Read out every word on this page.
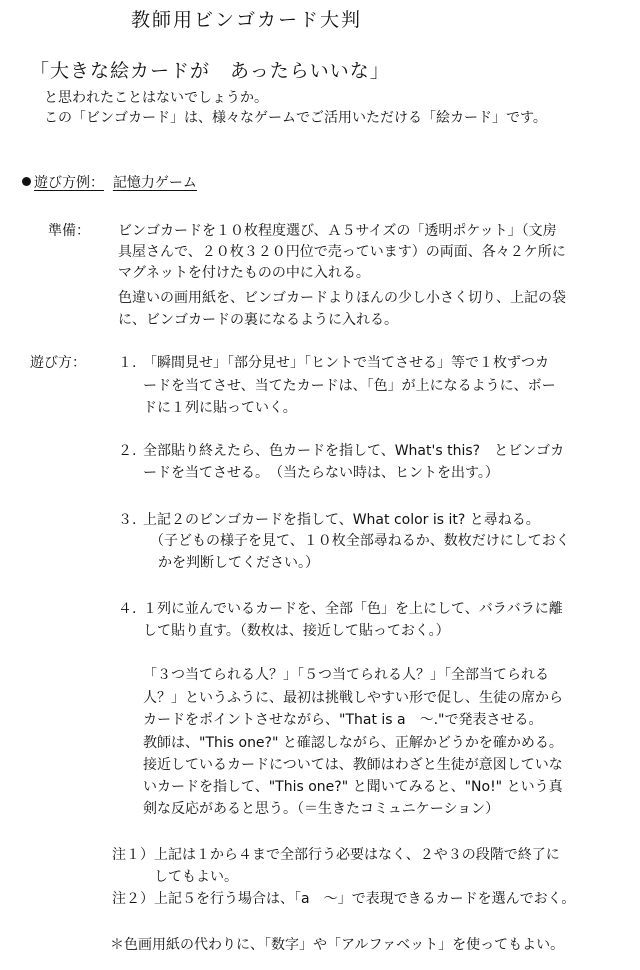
教師用ビンゴカード大判
「大きな絵カードが　あったらいいな」
と思われたことはないでしょうか。
この「ビンゴカード」は、様々なゲームでご活用いただける「絵カード」です。
遊び方例： 記憶力ゲーム
準備： ビンゴカードを１０枚程度選び、Ａ５サイズの「透明ポケット」（文房
具屋さんで、２０枚３２０円位で売っています）の両面、各々２ケ所に
マグネットを付けたものの中に入れる。
色違いの画用紙を、ビンゴカードよりほんの少し小さく切り、上記の袋
に、ビンゴカードの裏になるように入れる。
遊び方： １. 「瞬間見せ」「部分見せ」「ヒントで当てさせる」等で１枚ずつカ
ードを当てさせ、当てたカードは、「色」が上になるように、ボー
ドに１列に貼っていく。
２. 全部貼り終えたら、色カードを指して、What's this?　とビンゴカ
ードを当てさせる。　（当たらない時は、ヒントを出す。）
３. 上記２のビンゴカードを指して、What color is it? と尋ねる。
（子どもの様子を見て、１０枚全部尋ねるか、数枚だけにしておく
かを判断してください。）
４. １列に並んでいるカードを、全部「色」を上にして、バラバラに離
して貼り直す。（数枚は、接近して貼っておく。）
「３つ当てられる人？」「５つ当てられる人？」「全部当てられる
人？」というふうに、最初は挑戦しやすい形で促し、生徒の席から
カードをポイントさせながら、"That is a　～."で発表させる。
教師は、"This one?" と確認しながら、正解かどうかを確かめる。
接近しているカードについては、教師はわざと生徒が意図していな
いカードを指して、"This one?" と聞いてみると、"No!" という真
剣な反応があると思う。（＝生きたコミュニケーション）
注１）上記は１から４まで全部行う必要はなく、２や３の段階で終了に
　　　してもよい。
注２）上記５を行う場合は、「a　～」で表現できるカードを選んでおく。
＊色画用紙の代わりに、「数字」や「アルファベット」を使ってもよい。
